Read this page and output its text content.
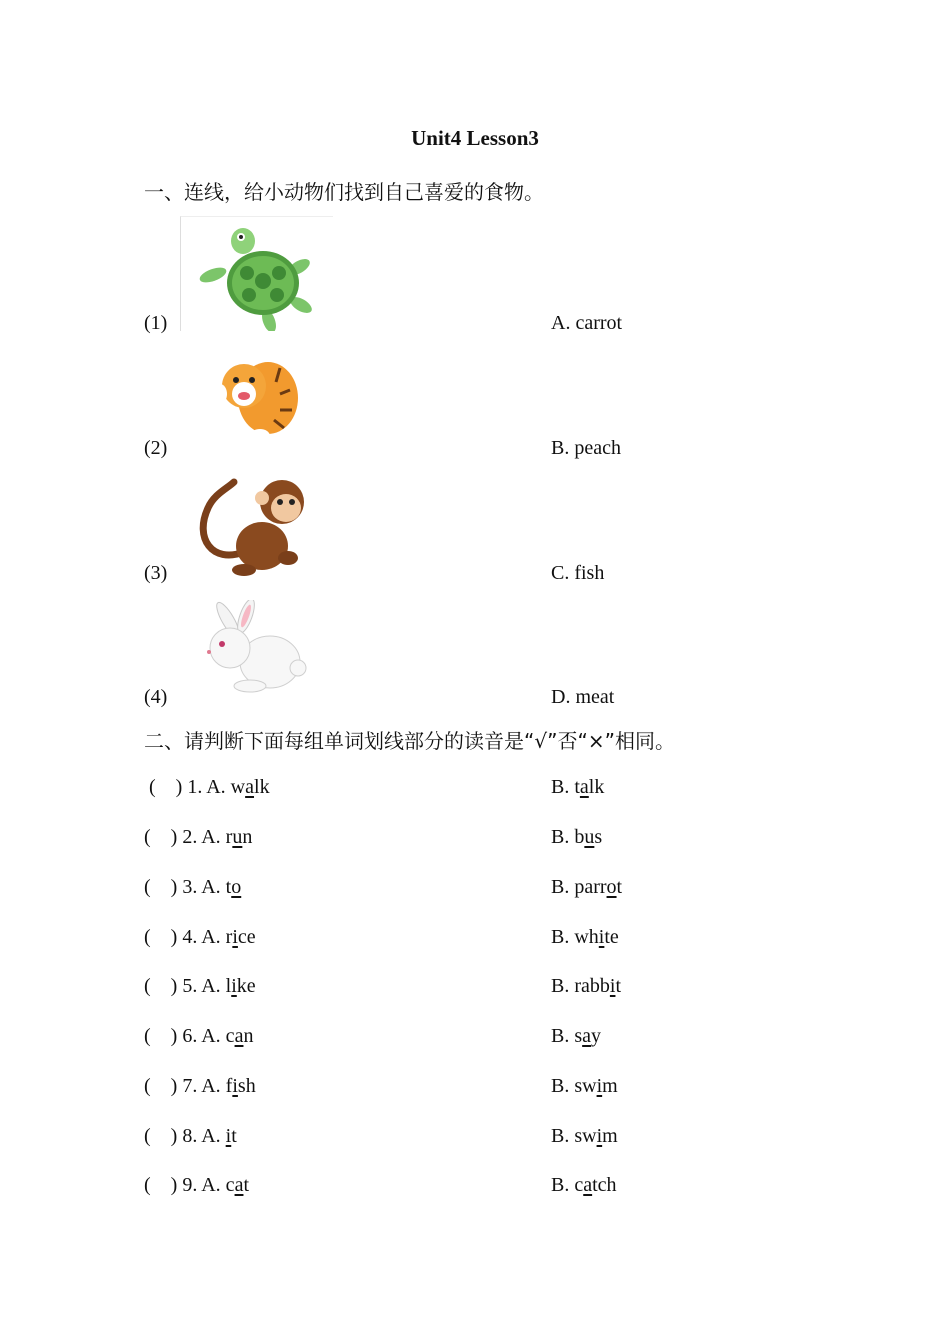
Unit4 Lesson3
一、连线，给小动物们找到自己喜爱的食物。
(1)	A. carrot
(2)	B. peach
(3)	C. fish
(4)	D. meat
二、请判断下面每组单词划线部分的读音是“√”否“×”相同。
(    ) 1. A. walk	B. talk
(    ) 2. A. run	B. bus
(    ) 3. A. to	B. parrot
(    ) 4. A. rice	B. white
(    ) 5. A. like	B. rabbit
(    ) 6. A. can	B. say
(    ) 7. A. fish	B. swim
(    ) 8. A. it	B. swim
(    ) 9. A. cat	B. catch
